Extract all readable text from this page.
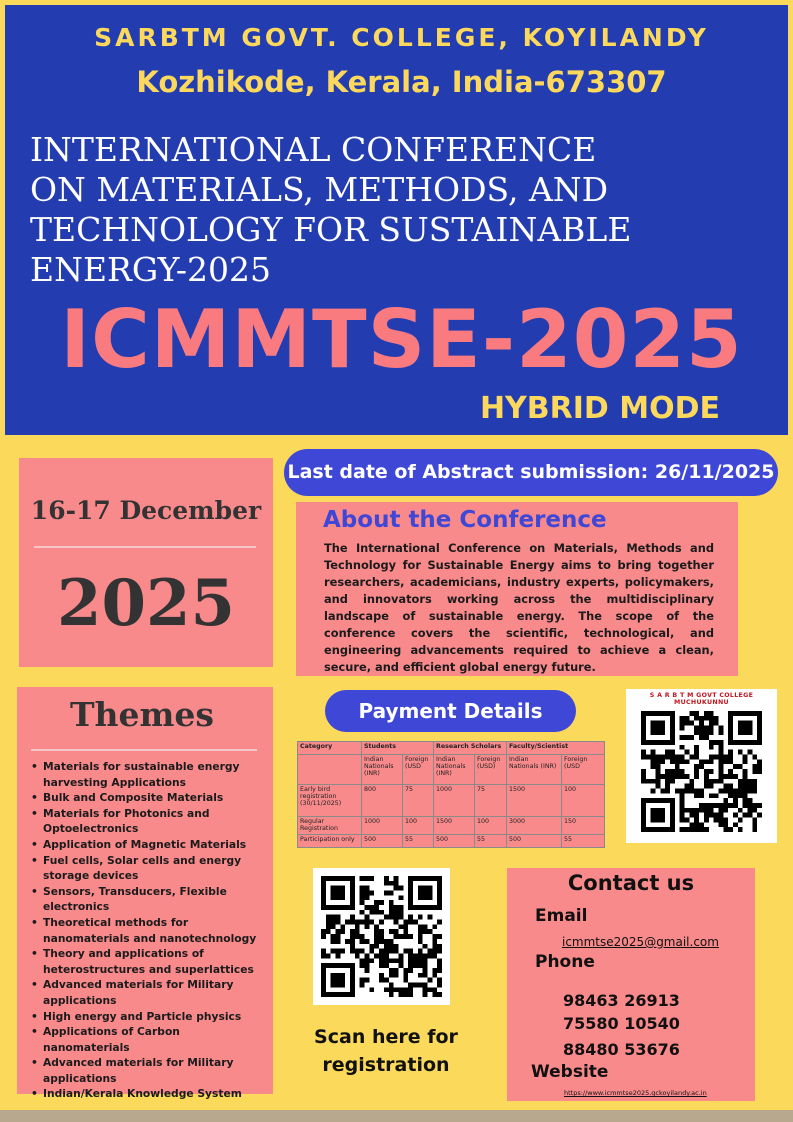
SARBTM GOVT. COLLEGE, KOYILANDY
Kozhikode, Kerala, India-673307
INTERNATIONAL CONFERENCE
ON MATERIALS, METHODS, AND
TECHNOLOGY FOR SUSTAINABLE
ENERGY-2025
ICMMTSE-2025
HYBRID MODE
16-17 December
2025
Last date of Abstract submission: 26/11/2025
About the Conference
The International Conference on Materials, Methods and Technology for Sustainable Energy aims to bring together researchers, academicians, industry experts, policymakers, and innovators working across the multidisciplinary landscape of sustainable energy. The scope of the conference covers the scientific, technological, and engineering advancements required to achieve a clean, secure, and efficient global energy future.
Themes
• Materials for sustainable energy harvesting Applications
• Bulk and Composite Materials
• Materials for Photonics and Optoelectronics
• Application of Magnetic Materials
• Fuel cells, Solar cells and energy storage devices
• Sensors, Transducers, Flexible electronics
• Theoretical methods for nanomaterials and nanotechnology
• Theory and applications of heterostructures and superlattices
• Advanced materials for Military applications
• High energy and Particle physics
• Applications of Carbon nanomaterials
• Advanced materials for Military applications
• Indian/Kerala Knowledge System
Payment Details
Category	Students		Research Scholars		Faculty/Scientist	
	Indian Nationals (INR)	Foreign (USD	Indian Nationals (INR)	Foreign (USD)	Indian Nationals (INR)	Foreign (USD
Early bird registration (30/11/2025)	800	75	1000	75	1500	100
Regular Registration	1000	100	1500	100	3000	150
Participation only	500	55	500	55	500	55
S A R B T M GOVT COLLEGE MUCHUKUNNU
Scan here for registration
Contact us
Email
icmmtse2025@gmail.com
Phone
98463 26913
75580 10540
88480 53676
Website
https://www.icmmtse2025.gckoyilandy.ac.in
